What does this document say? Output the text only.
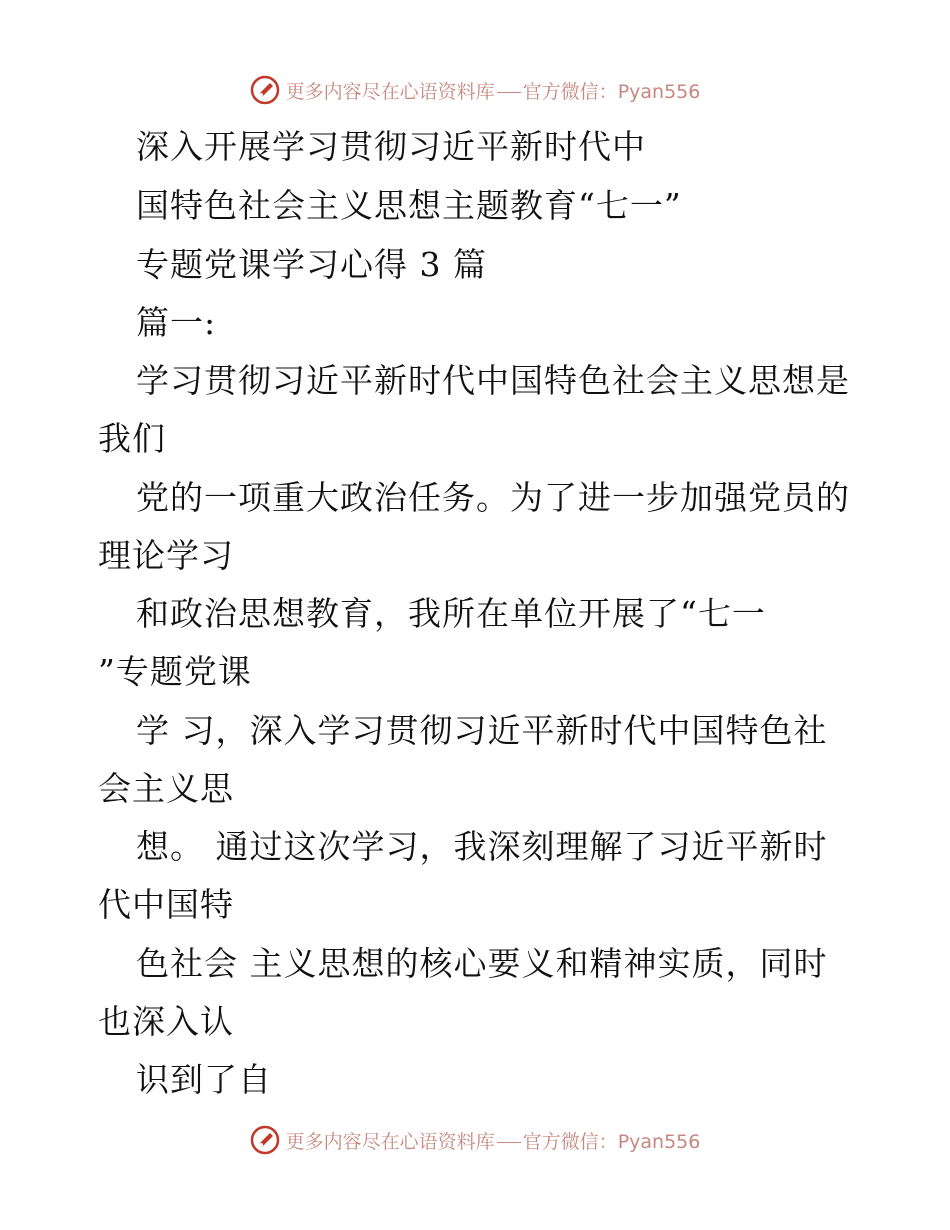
更多内容尽在心语资料库 官方微信：Pyan556
深入开展学习贯彻习近平新时代中
国特色社会主义思想主题教育“七一”
专题党课学习心得 3 篇
篇一:
学习贯彻习近平新时代中国特色社会主义思想是
我们
党的一项重大政治任务。为了进一步加强党员的
理论学习
和政治思想教育，我所在单位开展了“七一
”专题党课
学 习，深入学习贯彻习近平新时代中国特色社
会主义思
想。 通过这次学习，我深刻理解了习近平新时
代中国特
色社会 主义思想的核心要义和精神实质，同时
也深入认
识到了自
更多内容尽在心语资料库 官方微信：Pyan556
